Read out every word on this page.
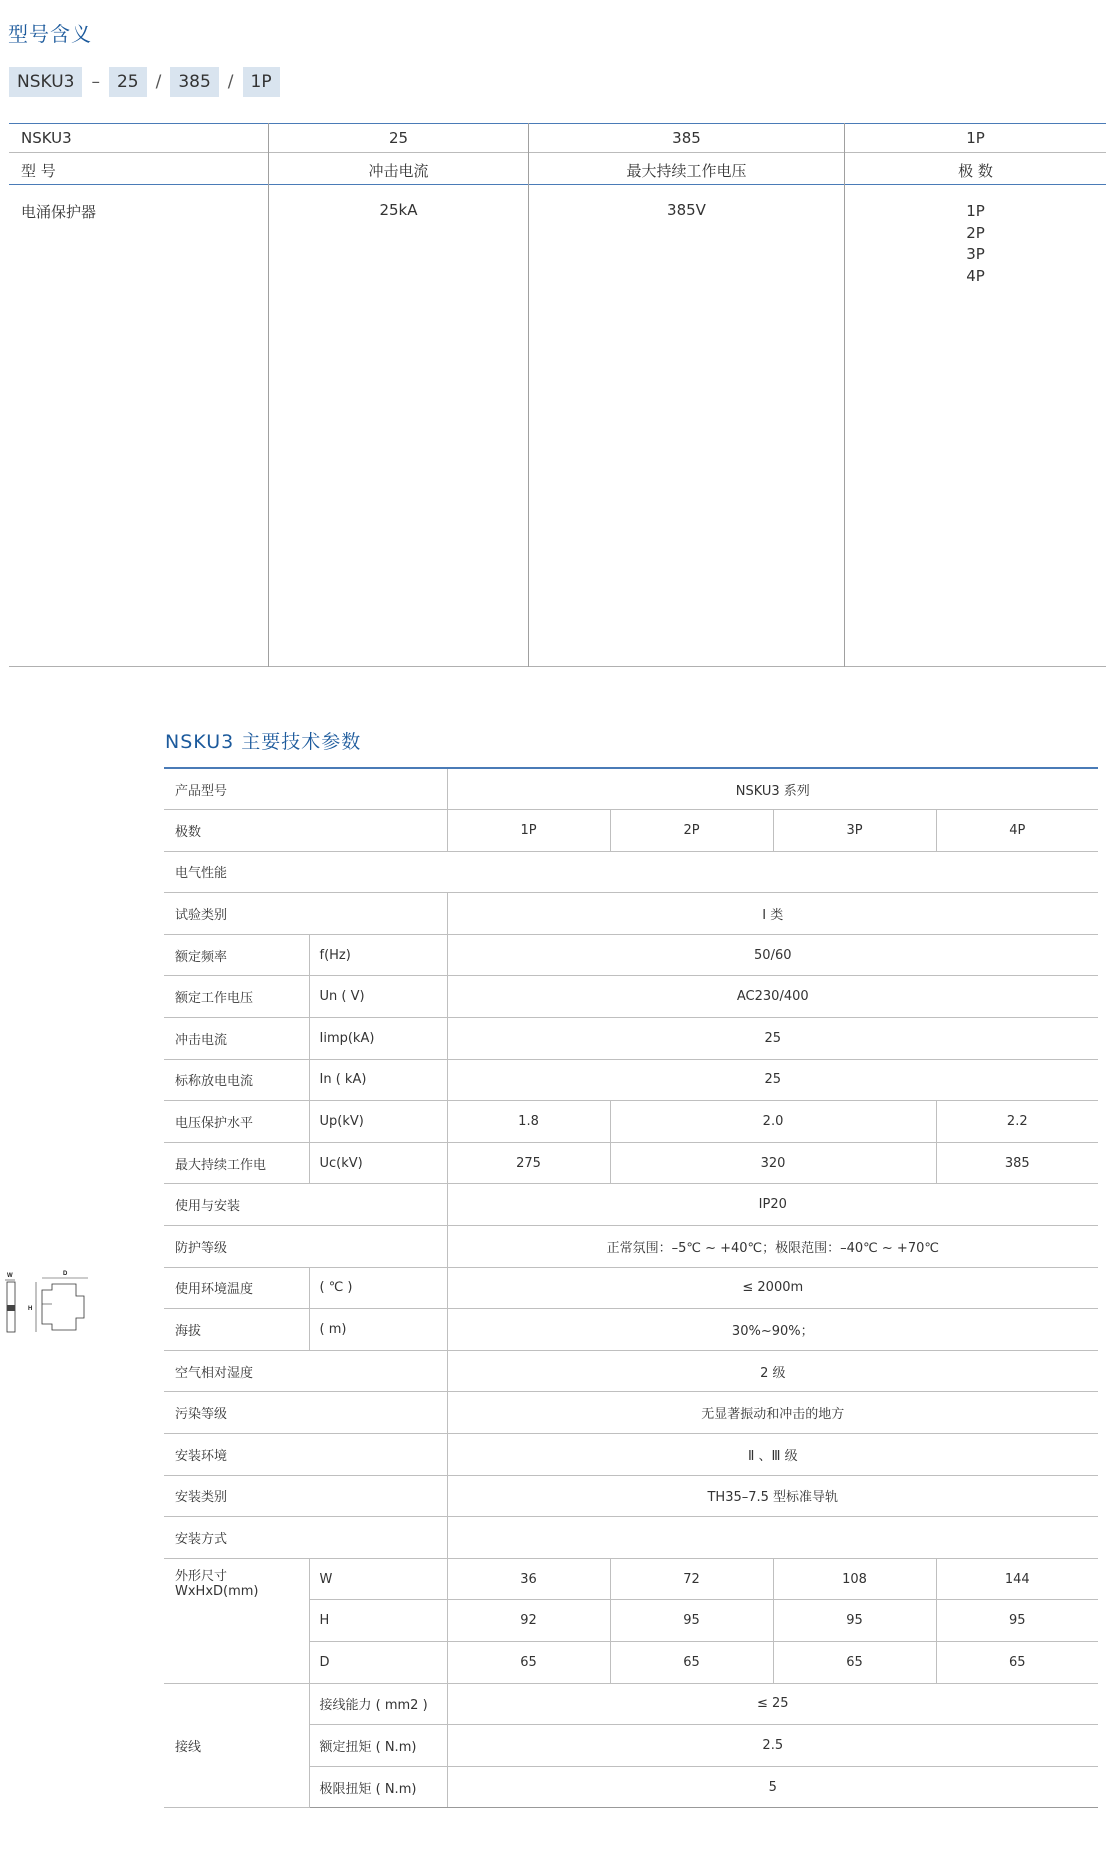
型号含义
NSKU3	–	25	/	385	/	1P
NSKU3	25	385	1P
型 号	冲击电流	最大持续工作电压	极 数
电涌保护器	25kA	385V	1P
2P
3P
4P
W	D
H
NSKU3 主要技术参数
产品型号		NSKU3 系列			
极数		1P	2P	3P	4P
电气性能					
试验类别		Ⅰ 类			
额定频率	f(Hz)	50/60			
额定工作电压	Un ( V)	AC230/400			
冲击电流	Iimp(kA)	25			
标称放电电流	In ( kA)	25			
电压保护水平	Up(kV)	1.8	2.0		2.2
最大持续工作电	Uc(kV)	275	320		385
使用与安装		IP20			
防护等级		正常氛围：–5℃ ~ +40℃；极限范围：–40℃ ~ +70℃			
使用环境温度	( ℃ )	≤ 2000m			
海拔	( m)	30%~90%；			
空气相对湿度		2 级			
污染等级		无显著振动和冲击的地方			
安装环境		Ⅱ 、Ⅲ 级			
安装类别		TH35–7.5 型标准导轨			
安装方式					
外形尺寸 WxHxD(mm)	W	36	72	108	144
	H	92	95	95	95
	D	65	65	65	65
接线	接线能力 ( mm2 )	≤ 25			
	额定扭矩 ( N.m)	2.5			
	极限扭矩 ( N.m)	5			
